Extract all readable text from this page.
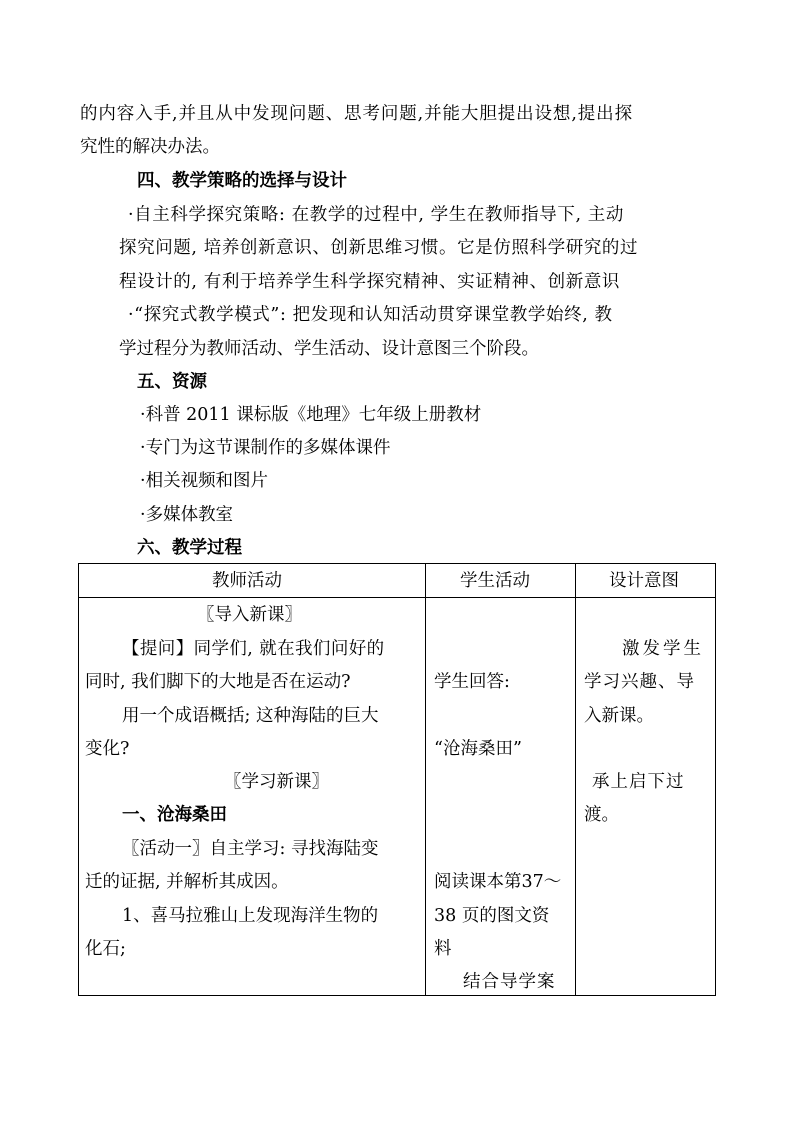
的内容入手,并且从中发现问题、思考问题,并能大胆提出设想,提出探
究性的解决办法。
四、教学策略的选择与设计
·自主科学探究策略: 在教学的过程中, 学生在教师指导下, 主动
探究问题, 培养创新意识、创新思维习惯。它是仿照科学研究的过
程设计的, 有利于培养学生科学探究精神、实证精神、创新意识
·“探究式教学模式”: 把发现和认知活动贯穿课堂教学始终, 教
学过程分为教师活动、学生活动、设计意图三个阶段。
五、资源
·科普 2011 课标版《地理》七年级上册教材
·专门为这节课制作的多媒体课件
·相关视频和图片
·多媒体教室
六、教学过程
教师活动	学生活动	设计意图
〖导入新课〗
【提问】同学们, 就在我们问好的
同时, 我们脚下的大地是否在运动?
用一个成语概括; 这种海陆的巨大
变化?
〖学习新课〗
一、沧海桑田
〖活动一〗自主学习: 寻找海陆变
迁的证据, 并解析其成因。
1、喜马拉雅山上发现海洋生物的
化石;
学生回答:
“沧海桑田”
阅读课本第37～
38 页的图文资
料
结合导学案
激发学生
学习兴趣、导
入新课。
承上启下过
渡。
